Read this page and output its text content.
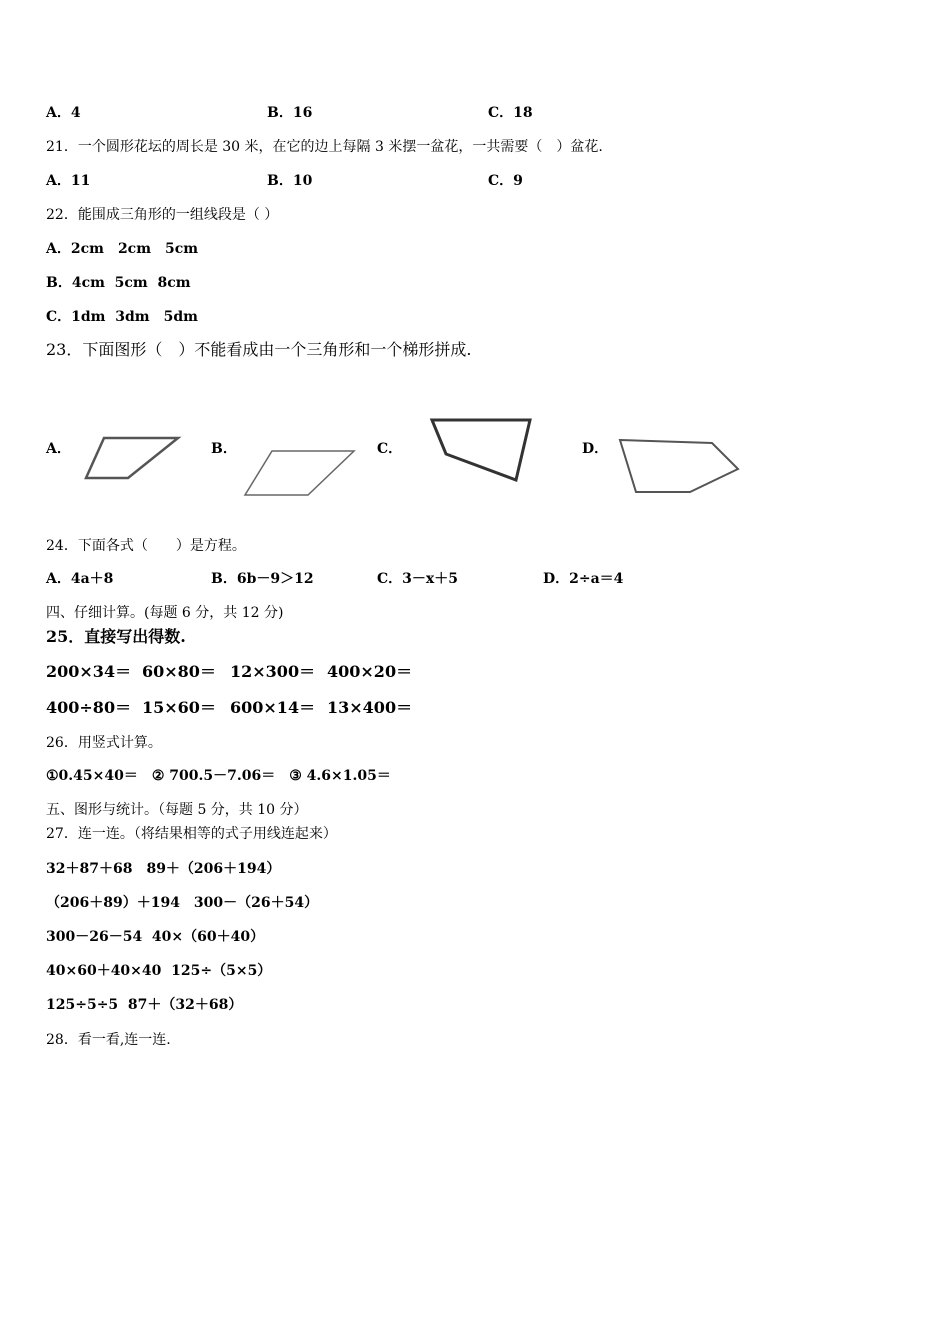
A．4	B．16	C．18
21．一个圆形花坛的周长是 30 米，在它的边上每隔 3 米摆一盆花，一共需要（　）盆花.
A．11	B．10	C．9
22．能围成三角形的一组线段是（ ）
A．2cm　2cm　5cm
B．4cm  5cm  8cm
C．1dm  3dm　5dm
23．下面图形（　）不能看成由一个三角形和一个梯形拼成.
A．	B．	C．	D．
24．下面各式（　　）是方程。
A．4a＋8	B．6b－9＞12	C．3－x＋5	D．2÷a＝4
四、仔细计算。(每题 6 分，共 12 分)
25．直接写出得数.
200×34＝ 60×80＝ 12×300＝ 400×20＝
400÷80＝ 15×60＝ 600×14＝ 13×400＝
26．用竖式计算。
①0.45×40＝　② 700.5－7.06＝　③ 4.6×1.05＝
五、图形与统计。（每题 5 分，共 10 分）
27．连一连。（将结果相等的式子用线连起来）
32＋87＋68　89＋（206＋194）
（206＋89）＋194　300－（26＋54）
300－26－54  40×（60＋40）
40×60＋40×40  125÷（5×5）
125÷5÷5  87＋（32＋68）
28．看一看,连一连.
